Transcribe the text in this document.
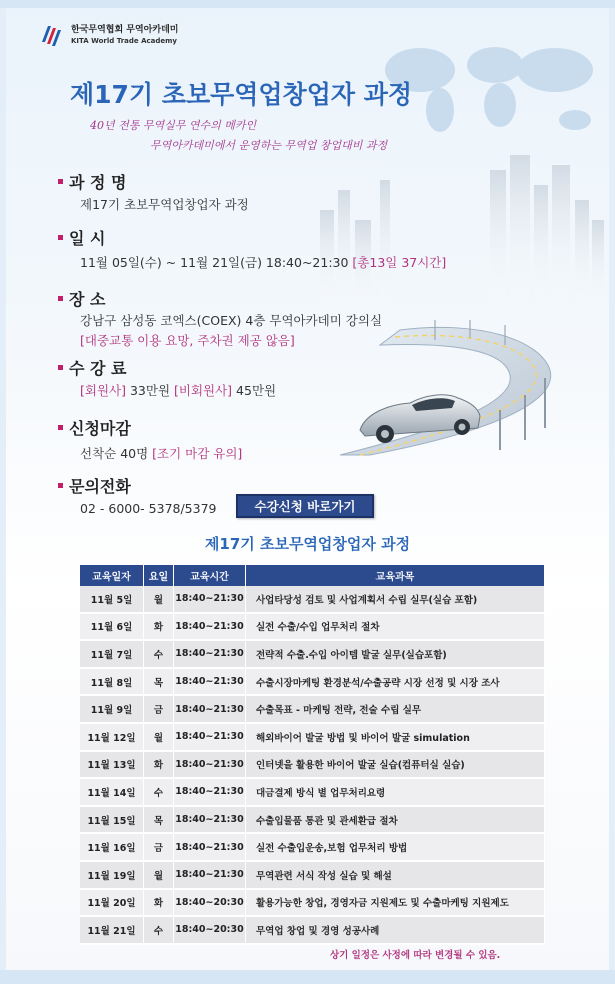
한국무역협회 무역아카데미
KITA World Trade Academy
제17기 초보무역업창업자 과정
40년 전통 무역실무 연수의 메카인
무역아카데미에서 운영하는 무역업 창업대비 과정
과 정 명
제17기 초보무역업창업자 과정
일 시
11월 05일(수) ~ 11월 21일(금) 18:40~21:30 [총13일 37시간]
장 소
강남구 삼성동 코엑스(COEX) 4층 무역아카데미 강의실
[대중교통 이용 요망, 주차권 제공 않음]
수 강 료
[회원사] 33만원 [비회원사] 45만원
신청마감
선착순 40명 [조기 마감 유의]
문의전화
02 - 6000- 5378/5379	수강신청 바로가기
제17기 초보무역업창업자 과정
교육일자	요일	교육시간	교육과목
11월 5일	월	18:40~21:30	사업타당성 검토 및 사업계획서 수립 실무(실습 포함)
11월 6일	화	18:40~21:30	실전 수출/수입 업무처리 절차
11월 7일	수	18:40~21:30	전략적 수출.수입 아이템 발굴 실무(실습포함)
11월 8일	목	18:40~21:30	수출시장마케팅 환경분석/수출공략 시장 선정 및 시장 조사
11월 9일	금	18:40~21:30	수출목표 - 마케팅 전략, 전술 수립 실무
11월 12일	월	18:40~21:30	해외바이어 발굴 방법 및 바이어 발굴 simulation
11월 13일	화	18:40~21:30	인터넷을 활용한 바이어 발굴 실습(컴퓨터실 실습)
11월 14일	수	18:40~21:30	대금결제 방식 별 업무처리요령
11월 15일	목	18:40~21:30	수출입물품 통관 및 관세환급 절차
11월 16일	금	18:40~21:30	실전 수출입운송,보험 업무처리 방법
11월 19일	월	18:40~21:30	무역관련 서식 작성 실습 및 해설
11월 20일	화	18:40~20:30	활용가능한 창업, 경영자금 지원제도 및 수출마케팅 지원제도
11월 21일	수	18:40~20:30	무역업 창업 및 경영 성공사례
상기 일정은 사정에 따라 변경될 수 있음.
